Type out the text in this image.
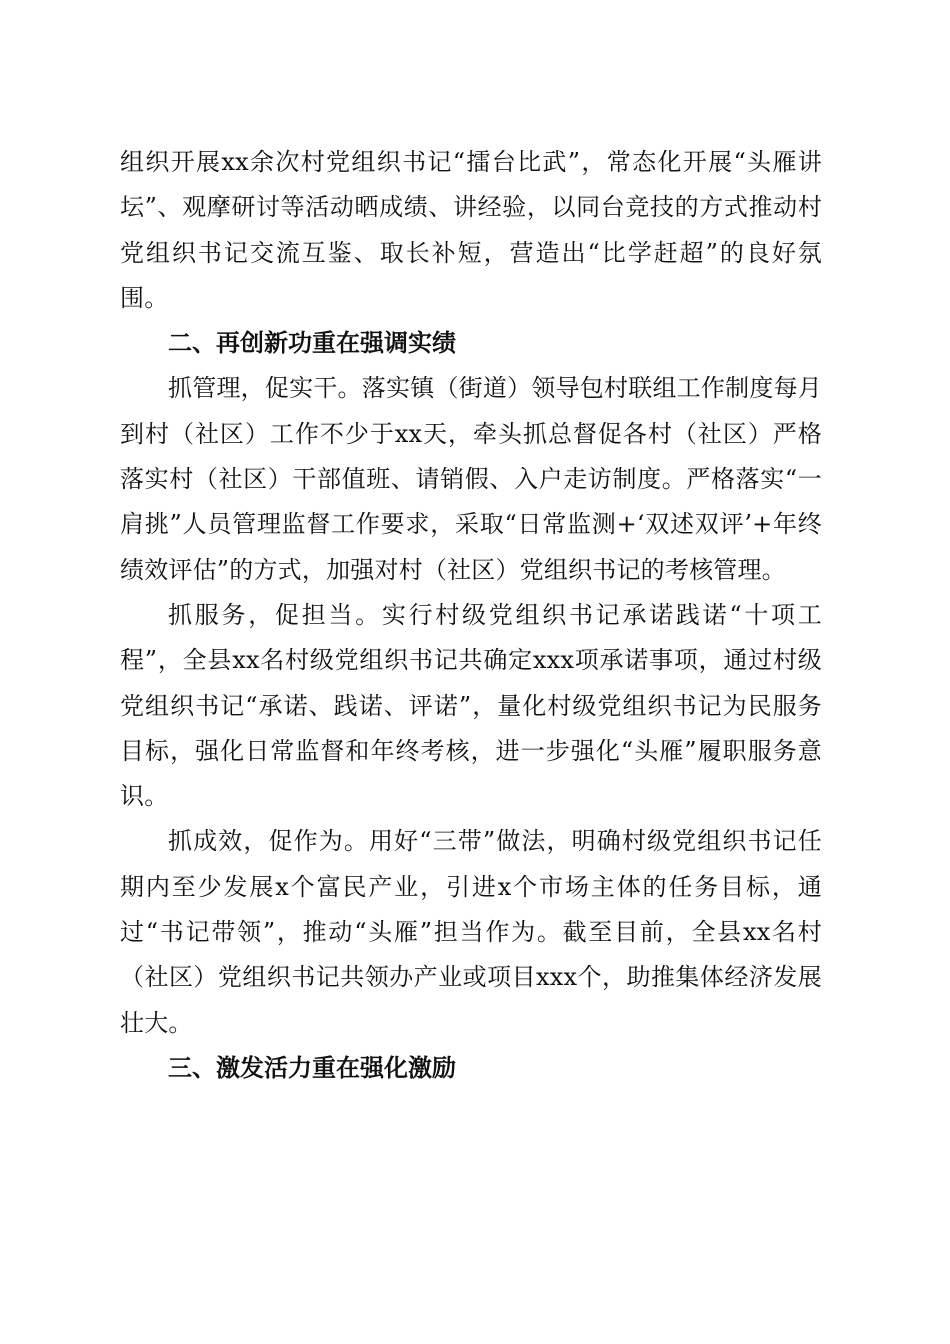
组织开展xx余次村党组织书记“擂台比武”，常态化开展“头雁讲坛”、观摩研讨等活动晒成绩、讲经验，以同台竞技的方式推动村党组织书记交流互鉴、取长补短，营造出“比学赶超”的良好氛围。

二、再创新功重在强调实绩

抓管理，促实干。落实镇（街道）领导包村联组工作制度每月到村（社区）工作不少于xx天，牵头抓总督促各村（社区）严格落实村（社区）干部值班、请销假、入户走访制度。严格落实“一肩挑”人员管理监督工作要求，采取“日常监测+‘双述双评’+年终绩效评估”的方式，加强对村（社区）党组织书记的考核管理。

抓服务，促担当。实行村级党组织书记承诺践诺“十项工程”，全县xx名村级党组织书记共确定xxx项承诺事项，通过村级党组织书记“承诺、践诺、评诺”，量化村级党组织书记为民服务目标，强化日常监督和年终考核，进一步强化“头雁”履职服务意识。

抓成效，促作为。用好“三带”做法，明确村级党组织书记任期内至少发展x个富民产业，引进x个市场主体的任务目标，通过“书记带领”，推动“头雁”担当作为。截至目前，全县xx名村（社区）党组织书记共领办产业或项目xxx个，助推集体经济发展壮大。

三、激发活力重在强化激励
